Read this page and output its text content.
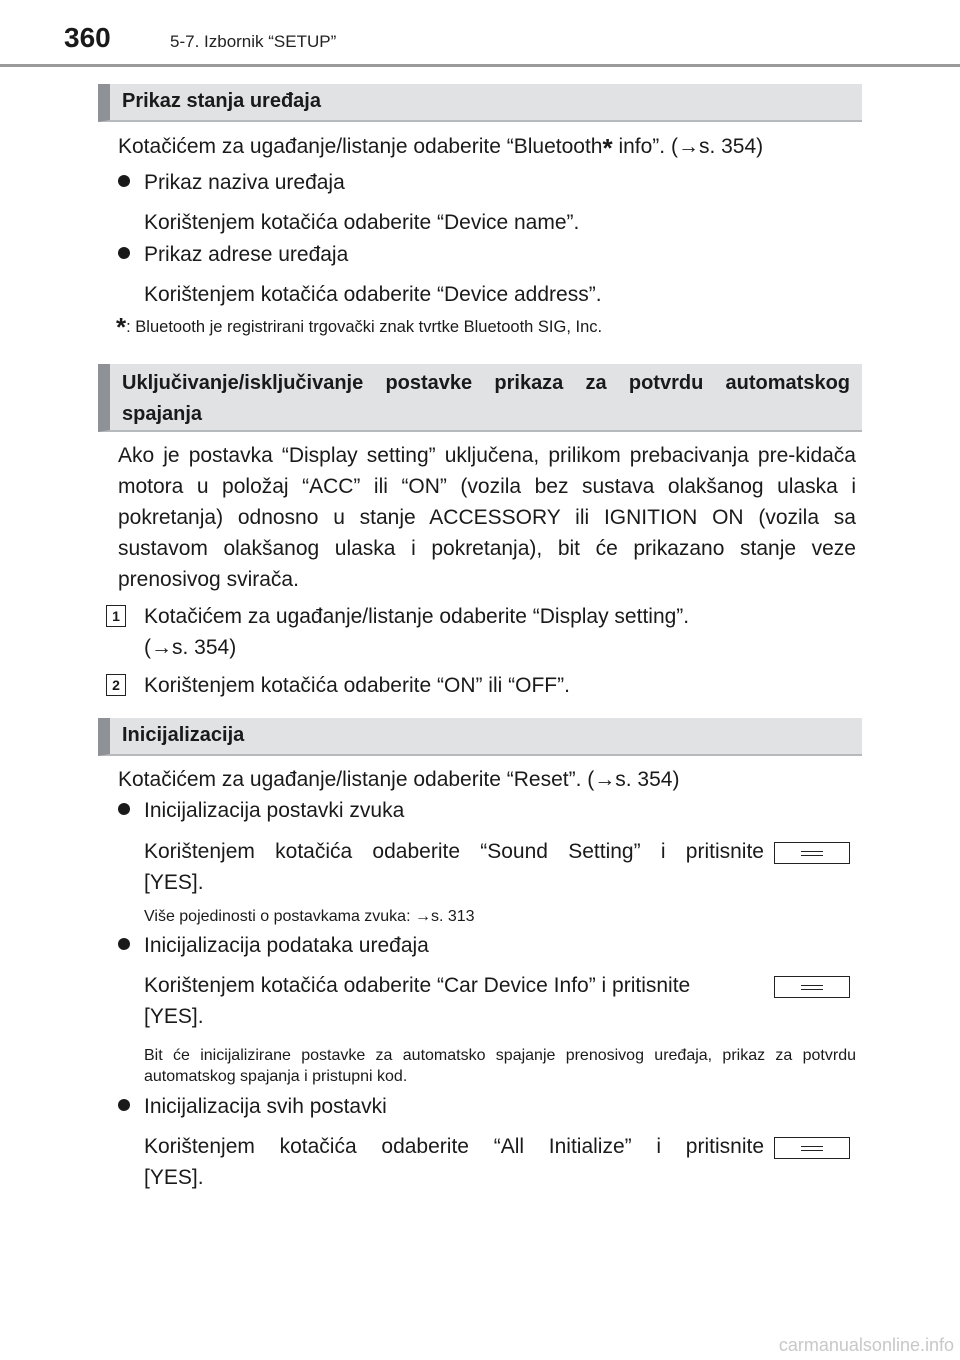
360	5-7. Izbornik “SETUP”
Prikaz stanja uređaja
Kotačićem za ugađanje/listanje odaberite “Bluetooth* info”. (→s. 354)
Prikaz naziva uređaja
Korištenjem kotačića odaberite “Device name”.
Prikaz adrese uređaja
Korištenjem kotačića odaberite “Device address”.
*: Bluetooth je registrirani trgovački znak tvrtke Bluetooth SIG, Inc.
Uključivanje/isključivanje postavke prikaza za potvrdu automatskog
spajanja
Ako je postavka “Display setting” uključena, prilikom prebacivanja pre-kidača motora u položaj “ACC” ili “ON” (vozila bez sustava olakšanog ulaska i pokretanja) odnosno u stanje ACCESSORY ili IGNITION ON (vozila sa sustavom olakšanog ulaska i pokretanja), bit će prikazano stanje veze prenosivog svirača.
1 Kotačićem za ugađanje/listanje odaberite “Display setting”.
(→s. 354)
2 Korištenjem kotačića odaberite “ON” ili “OFF”.
Inicijalizacija
Kotačićem za ugađanje/listanje odaberite “Reset”. (→s. 354)
Inicijalizacija postavki zvuka
Korištenjem kotačića odaberite “Sound Setting” i pritisnite
[YES].
Više pojedinosti o postavkama zvuka: →s. 313
Inicijalizacija podataka uređaja
Korištenjem kotačića odaberite “Car Device Info” i pritisnite
[YES].
Bit će inicijalizirane postavke za automatsko spajanje prenosivog uređaja, prikaz za potvrdu automatskog spajanja i pristupni kod.
Inicijalizacija svih postavki
Korištenjem kotačića odaberite “All Initialize” i pritisnite
[YES].
carmanualsonline.info
